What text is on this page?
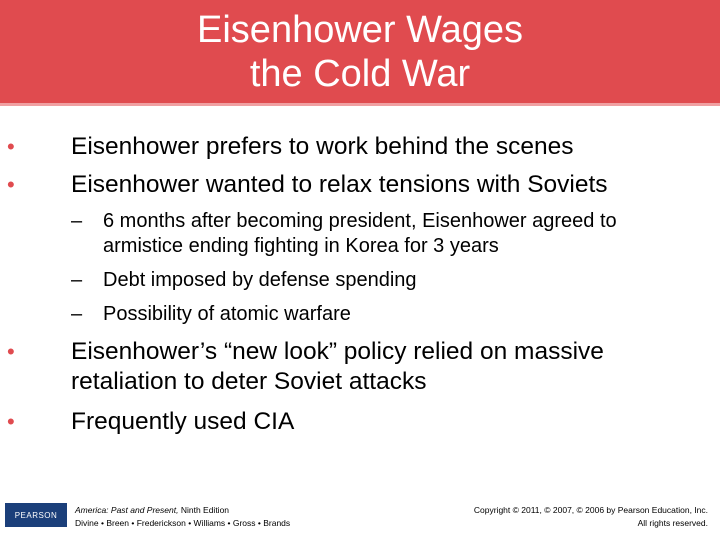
Eisenhower Wages
the Cold War
• Eisenhower prefers to work behind the scenes
• Eisenhower wanted to relax tensions with Soviets
– 6 months after becoming president, Eisenhower agreed to armistice ending fighting in Korea for 3 years
– Debt imposed by defense spending
– Possibility of atomic warfare
• Eisenhower’s “new look” policy relied on massive retaliation to deter Soviet attacks
• Frequently used CIA
PEARSON America: Past and Present, Ninth Edition
Divine • Breen • Frederickson • Williams • Gross • Brands
Copyright © 2011, © 2007, © 2006 by Pearson Education, Inc.
All rights reserved.
